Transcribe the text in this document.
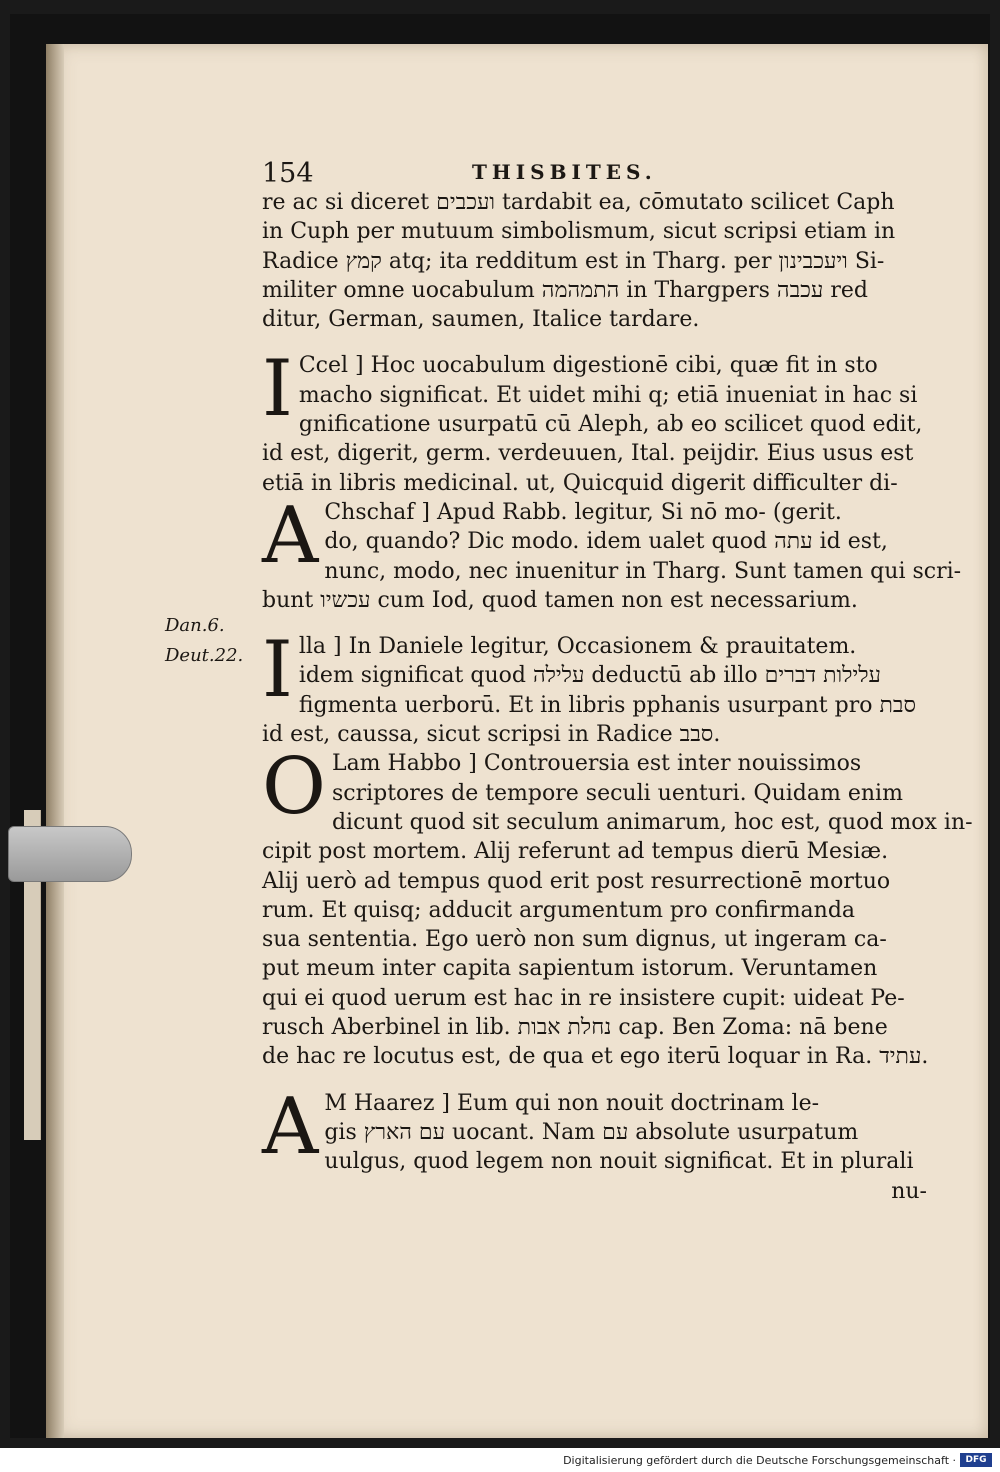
154	THISBITES.
Dan.6.
Deut.22.
re ac si diceret ועכבים tardabit ea, cōmutato scilicet Caph
in Cuph per mutuum simbolismum, sicut scripsi etiam in
Radice קמץ atq; ita redditum est in Tharg. per ויעכבינון Si-
militer omne uocabulum התמהמה in Thargpers עכבה red
ditur, German, saumen, Italice tardare.
I Ccel ] Hoc uocabulum digestionē cibi, quæ fit in sto
macho significat. Et uidet mihi q; etiā inueniat in hac si
gnificatione usurpatū cū Aleph, ab eo scilicet quod edit,
id est, digerit, germ. verdeuuen, Ital. peijdir. Eius usus est
etiā in libris medicinal. ut, Quicquid digerit difficulter di-
A Chschaf ] Apud Rabb. legitur, Si nō mo- (gerit.
do, quando? Dic modo. idem ualet quod עתה id est,
nunc, modo, nec inuenitur in Tharg. Sunt tamen qui scri-
bunt עכשיו cum Iod, quod tamen non est necessarium.
I lla ] In Daniele legitur, Occasionem & prauitatem.
idem significat quod עלילה deductū ab illo עלילות דברים
figmenta uerborū. Et in libris pphanis usurpant pro סבת
id est, caussa, sicut scripsi in Radice סבב.
O Lam Habbo ] Controuersia est inter nouissimos
scriptores de tempore seculi uenturi. Quidam enim
dicunt quod sit seculum animarum, hoc est, quod mox in-
cipit post mortem. Alij referunt ad tempus dierū Mesiæ.
Alij uerò ad tempus quod erit post resurrectionē mortuo
rum. Et quisq; adducit argumentum pro confirmanda
sua sententia. Ego uerò non sum dignus, ut ingeram ca-
put meum inter capita sapientum istorum. Veruntamen
qui ei quod uerum est hac in re insistere cupit: uideat Pe-
rusch Aberbinel in lib. נחלת אבות cap. Ben Zoma: nā bene
de hac re locutus est, de qua et ego iterū loquar in Ra. עתיד.
A M Haarez ] Eum qui non nouit doctrinam le-
gis עם הארץ uocant. Nam עם absolute usurpatum
uulgus, quod legem non nouit significat. Et in plurali
nu-
Digitalisierung gefördert durch die Deutsche Forschungsgemeinschaft ·	DFG
